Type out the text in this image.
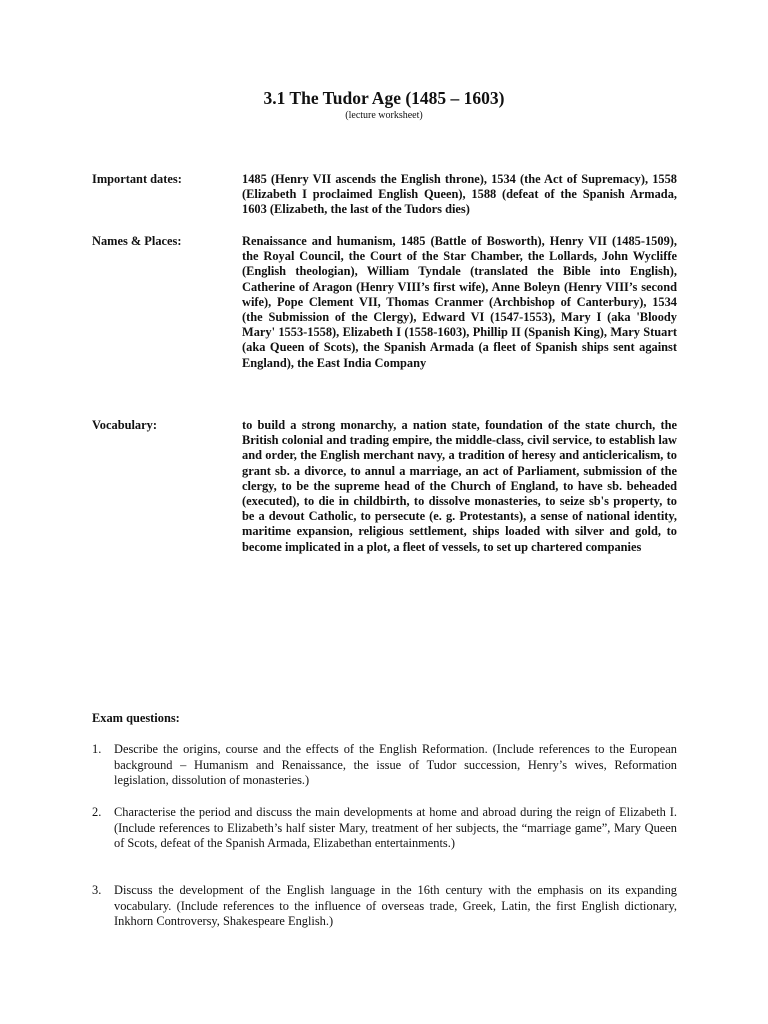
3.1 The Tudor Age (1485 – 1603)
(lecture worksheet)
Important dates:	1485 (Henry VII ascends the English throne), 1534 (the Act of Supremacy), 1558 (Elizabeth I proclaimed English Queen), 1588 (defeat of the Spanish Armada, 1603 (Elizabeth, the last of the Tudors dies)
Names & Places:	Renaissance and humanism, 1485 (Battle of Bosworth), Henry VII (1485-1509), the Royal Council, the Court of the Star Chamber, the Lollards, John Wycliffe (English theologian), William Tyndale (translated the Bible into English), Catherine of Aragon (Henry VIII’s first wife), Anne Boleyn (Henry VIII’s second wife), Pope Clement VII, Thomas Cranmer (Archbishop of Canterbury), 1534 (the Submission of the Clergy), Edward VI (1547-1553), Mary I (aka 'Bloody Mary' 1553-1558), Elizabeth I (1558-1603), Phillip II (Spanish King), Mary Stuart (aka Queen of Scots), the Spanish Armada (a fleet of Spanish ships sent against England), the East India Company
Vocabulary:	to build a strong monarchy, a nation state, foundation of the state church, the British colonial and trading empire, the middle-class, civil service, to establish law and order, the English merchant navy, a tradition of heresy and anticlericalism, to grant sb. a divorce, to annul a marriage, an act of Parliament, submission of the clergy, to be the supreme head of the Church of England, to have sb. beheaded (executed), to die in childbirth, to dissolve monasteries, to seize sb's property, to be a devout Catholic, to persecute (e. g. Protestants), a sense of national identity, maritime expansion, religious settlement, ships loaded with silver and gold, to become implicated in a plot, a fleet of vessels, to set up chartered companies
Exam questions:
1.	Describe the origins, course and the effects of the English Reformation. (Include references to the European background – Humanism and Renaissance, the issue of Tudor succession, Henry’s wives, Reformation legislation, dissolution of monasteries.)
2.	Characterise the period and discuss the main developments at home and abroad during the reign of Elizabeth I. (Include references to Elizabeth’s half sister Mary, treatment of her subjects, the “marriage game”, Mary Queen of Scots, defeat of the Spanish Armada, Elizabethan entertainments.)
3.	Discuss the development of the English language in the 16th century with the emphasis on its expanding vocabulary. (Include references to the influence of overseas trade, Greek, Latin, the first English dictionary, Inkhorn Controversy, Shakespeare English.)
